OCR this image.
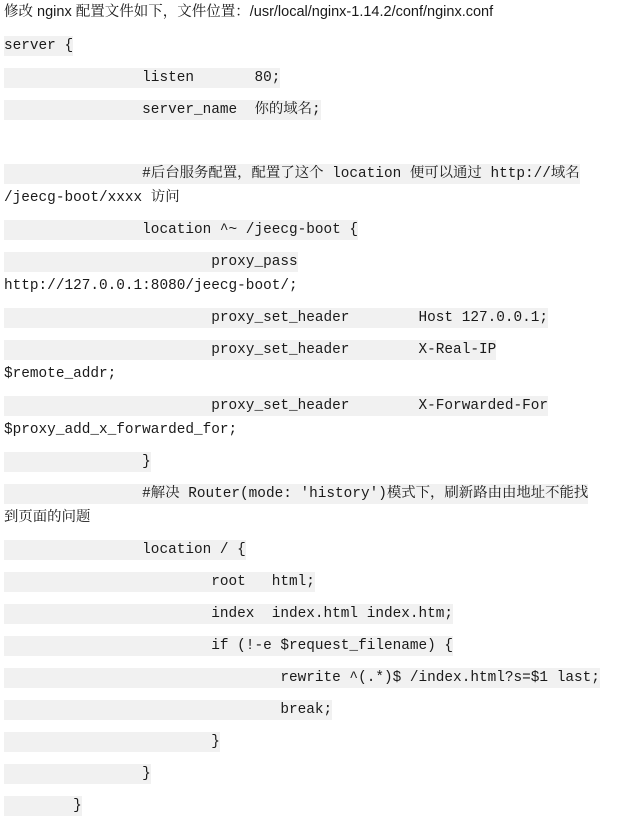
修改 nginx 配置文件如下，文件位置：/usr/local/nginx-1.14.2/conf/nginx.conf
server {
listen       80;
server_name  你的域名;
#后台服务配置，配置了这个 location 便可以通过 http://域名
/jeecg-boot/xxxx 访问
location ^~ /jeecg-boot {
proxy_pass
http://127.0.0.1:8080/jeecg-boot/;
proxy_set_header        Host 127.0.0.1;
proxy_set_header        X-Real-IP
$remote_addr;
proxy_set_header        X-Forwarded-For
$proxy_add_x_forwarded_for;
}
#解决 Router(mode: 'history')模式下，刷新路由由地址不能找
到页面的问题
location / {
root   html;
index  index.html index.htm;
if (!-e $request_filename) {
rewrite ^(.*)$ /index.html?s=$1 last;
break;
}
}
}
